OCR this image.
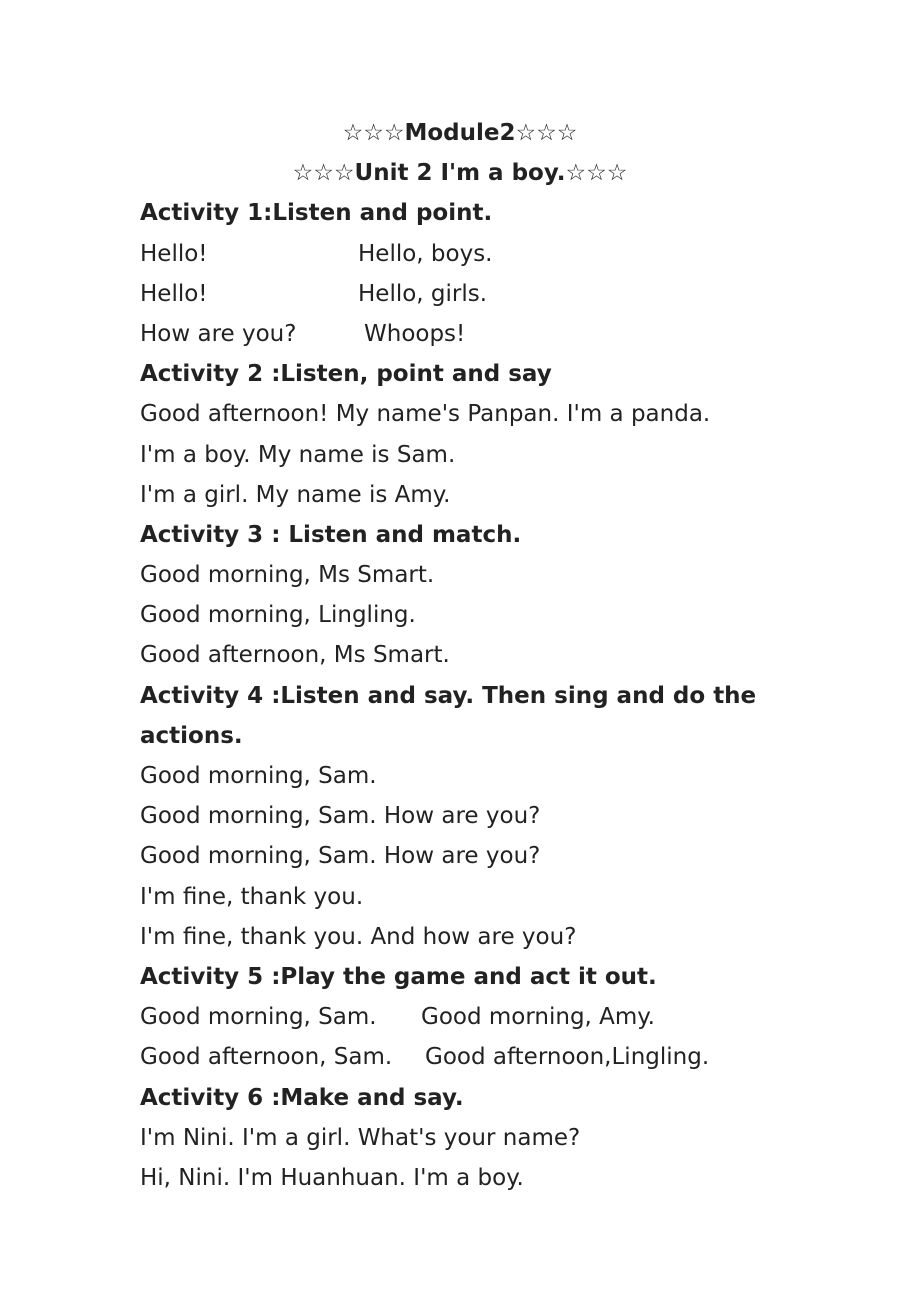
☆☆☆Module2☆☆☆
☆☆☆Unit 2 I'm a boy.☆☆☆
Activity 1:Listen and point.
Hello!	Hello, boys.
Hello!	Hello, girls.
How are you?	Whoops!
Activity 2 :Listen, point and say
Good afternoon! My name's Panpan. I'm a panda.
I'm a boy. My name is Sam.
I'm a girl. My name is Amy.
Activity 3 : Listen and match.
Good morning, Ms Smart.
Good morning, Lingling.
Good afternoon, Ms Smart.
Activity 4 :Listen and say. Then sing and do the
actions.
Good morning, Sam.
Good morning, Sam. How are you?
Good morning, Sam. How are you?
I'm fine, thank you.
I'm fine, thank you. And how are you?
Activity 5 :Play the game and act it out.
Good morning, Sam.	Good morning, Amy.
Good afternoon, Sam.	Good afternoon,Lingling.
Activity 6 :Make and say.
I'm Nini. I'm a girl. What's your name?
Hi, Nini. I'm Huanhuan. I'm a boy.
